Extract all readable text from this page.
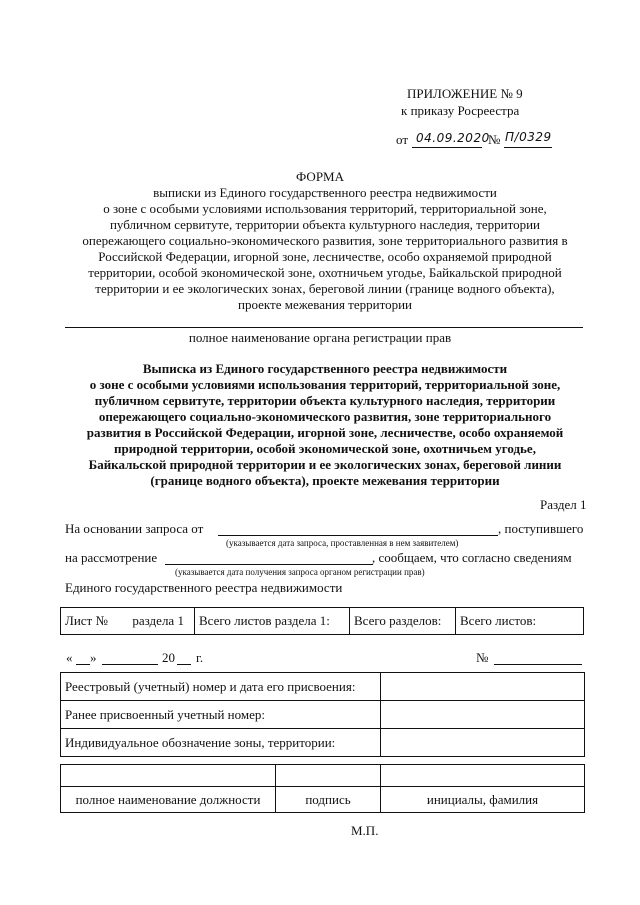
ПРИЛОЖЕНИЕ № 9
к приказу Росреестра
от 04.09.2020
№ П/0329
ФОРМА
выписки из Единого государственного реестра недвижимости
о зоне с особыми условиями использования территорий, территориальной зоне,
публичном сервитуте, территории объекта культурного наследия, территории
опережающего социально-экономического развития, зоне территориального развития в
Российской Федерации, игорной зоне, лесничестве, особо охраняемой природной
территории, особой экономической зоне, охотничьем угодье, Байкальской природной
территории и ее экологических зонах, береговой линии (границе водного объекта),
проекте межевания территории
полное наименование органа регистрации прав
Выписка из Единого государственного реестра недвижимости
о зоне с особыми условиями использования территорий, территориальной зоне,
публичном сервитуте, территории объекта культурного наследия, территории
опережающего социально-экономического развития, зоне территориального
развития в Российской Федерации, игорной зоне, лесничестве, особо охраняемой
природной территории, особой экономической зоне, охотничьем угодье,
Байкальской природной территории и ее экологических зонах, береговой линии
(границе водного объекта), проекте межевания территории
Раздел 1
На основании запроса от	, поступившего
(указывается дата запроса, проставленная в нем заявителем)
на рассмотрение	, сообщаем, что согласно сведениям
(указывается дата получения запроса органом регистрации прав)
Единого государственного реестра недвижимости
Лист № раздела 1	Всего листов раздела 1:	Всего разделов:	Всего листов:
« »	20 г.	№
Реестровый (учетный) номер и дата его присвоения:	
Ранее присвоенный учетный номер:	
Индивидуальное обозначение зоны, территории:	

полное наименование должности	подпись	инициалы, фамилия
М.П.
